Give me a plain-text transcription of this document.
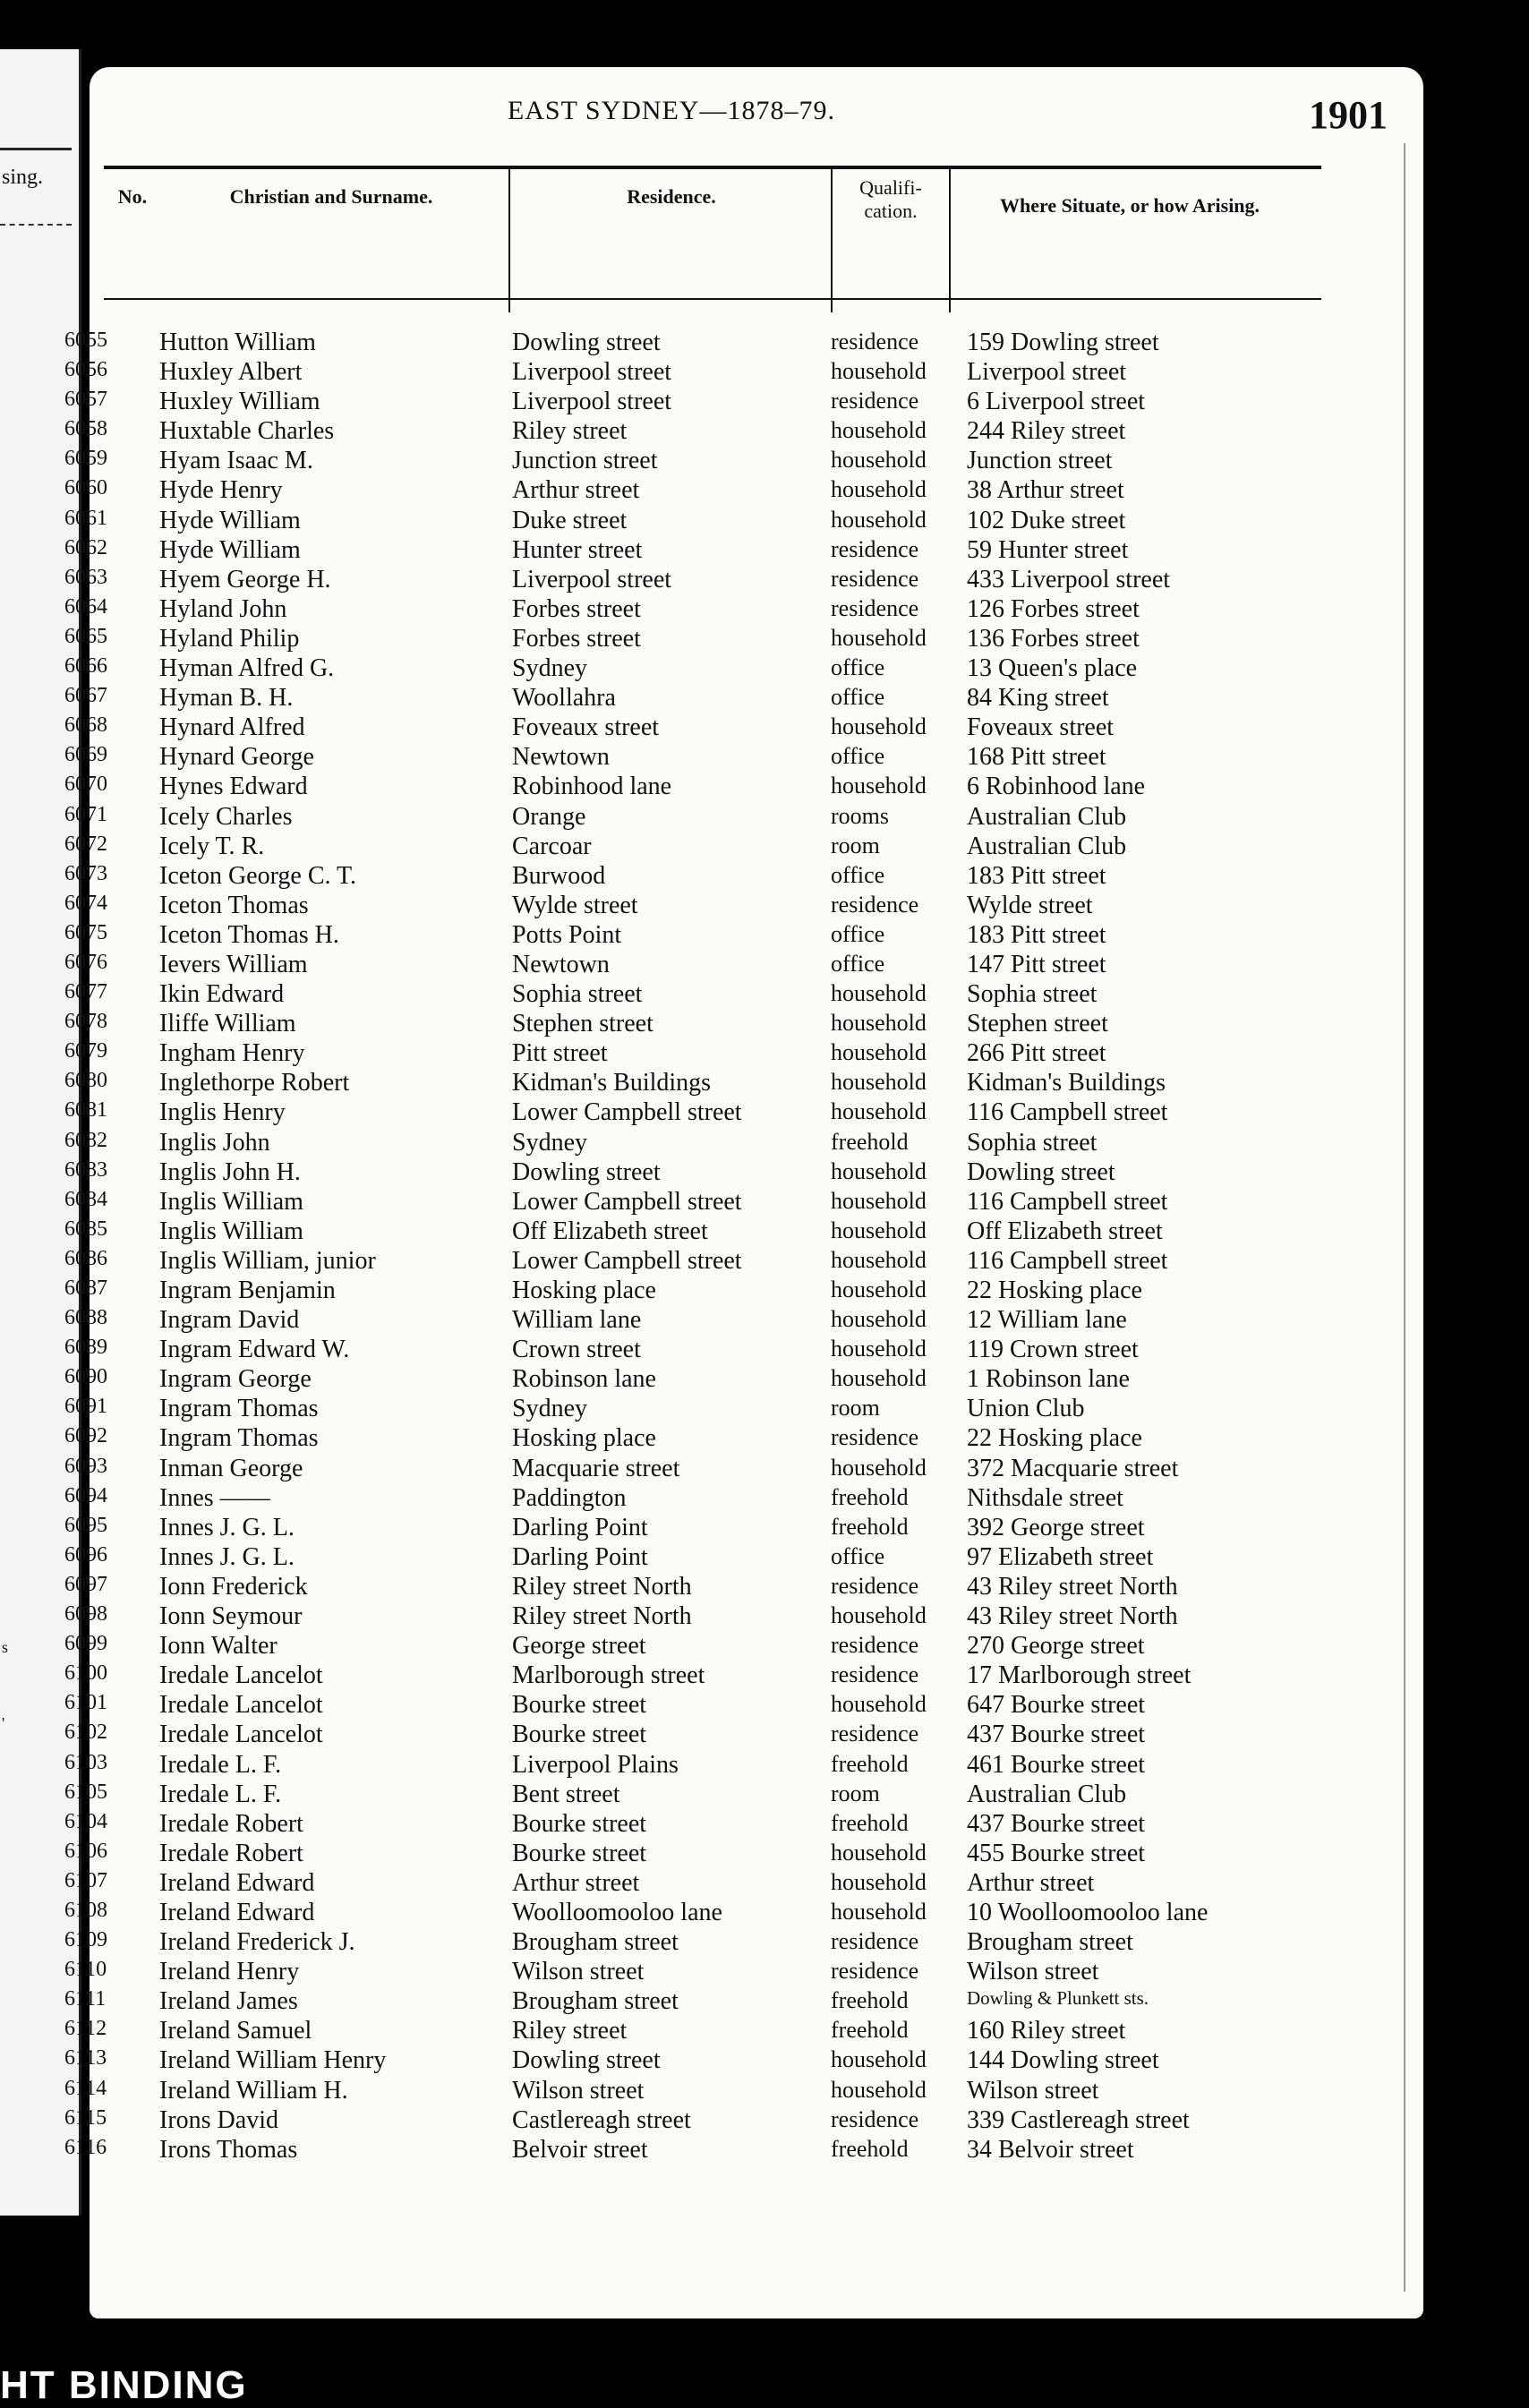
sing.
s
'
EAST SYDNEY—1878–79.	1901
No.	Christian and Surname.	Residence.	Qualifi-
cation.	Where Situate, or how Arising.
6055 Hutton William	Dowling street	residence 159 Dowling street
6056 Huxley Albert	Liverpool street	household Liverpool street
6057 Huxley William	Liverpool street	residence 6 Liverpool street
6058 Huxtable Charles	Riley street	household 244 Riley street
6059 Hyam Isaac M.	Junction street	household Junction street
6060 Hyde Henry	Arthur street	household 38 Arthur street
6061 Hyde William	Duke street	household 102 Duke street
6062 Hyde William	Hunter street	residence 59 Hunter street
6063 Hyem George H.	Liverpool street	residence 433 Liverpool street
6064 Hyland John	Forbes street	residence 126 Forbes street
6065 Hyland Philip	Forbes street	household 136 Forbes street
6066 Hyman Alfred G.	Sydney	office	13 Queen's place
6067 Hyman B. H.	Woollahra	office	84 King street
6068 Hynard Alfred	Foveaux street	household Foveaux street
6069 Hynard George	Newtown	office	168 Pitt street
6070 Hynes Edward	Robinhood lane	household 6 Robinhood lane
6071 Icely Charles	Orange	rooms	Australian Club
6072 Icely T. R.	Carcoar	room	Australian Club
6073 Iceton George C. T.	Burwood	office	183 Pitt street
6074 Iceton Thomas	Wylde street	residence Wylde street
6075 Iceton Thomas H.	Potts Point	office	183 Pitt street
6076 Ievers William	Newtown	office	147 Pitt street
6077 Ikin Edward	Sophia street	household Sophia street
6078 Iliffe William	Stephen street	household Stephen street
6079 Ingham Henry	Pitt street	household 266 Pitt street
6080 Inglethorpe Robert	Kidman's Buildings	household Kidman's Buildings
6081 Inglis Henry	Lower Campbell street	household 116 Campbell street
6082 Inglis John	Sydney	freehold Sophia street
6083 Inglis John H.	Dowling street	household Dowling street
6084 Inglis William	Lower Campbell street	household 116 Campbell street
6085 Inglis William	Off Elizabeth street	household Off Elizabeth street
6086 Inglis William, junior	Lower Campbell street	household 116 Campbell street
6087 Ingram Benjamin	Hosking place	household 22 Hosking place
6088 Ingram David	William lane	household 12 William lane
6089 Ingram Edward W.	Crown street	household 119 Crown street
6090 Ingram George	Robinson lane	household 1 Robinson lane
6091 Ingram Thomas	Sydney	room	Union Club
6092 Ingram Thomas	Hosking place	residence 22 Hosking place
6093 Inman George	Macquarie street	household 372 Macquarie street
6094 Innes ——	Paddington	freehold Nithsdale street
6095 Innes J. G. L.	Darling Point	freehold 392 George street
6096 Innes J. G. L.	Darling Point	office	97 Elizabeth street
6097 Ionn Frederick	Riley street North	residence 43 Riley street North
6098 Ionn Seymour	Riley street North	household 43 Riley street North
6099 Ionn Walter	George street	residence 270 George street
6100 Iredale Lancelot	Marlborough street	residence 17 Marlborough street
6101 Iredale Lancelot	Bourke street	household 647 Bourke street
6102 Iredale Lancelot	Bourke street	residence 437 Bourke street
6103 Iredale L. F.	Liverpool Plains	freehold 461 Bourke street
6105 Iredale L. F.	Bent street	room	Australian Club
6104 Iredale Robert	Bourke street	freehold 437 Bourke street
6106 Iredale Robert	Bourke street	household 455 Bourke street
6107 Ireland Edward	Arthur street	household Arthur street
6108 Ireland Edward	Woolloomooloo lane	household 10 Woolloomooloo lane
6109 Ireland Frederick J.	Brougham street	residence Brougham street
6110 Ireland Henry	Wilson street	residence Wilson street
6111 Ireland James	Brougham street	freehold	Dowling & Plunkett sts.
6112 Ireland Samuel	Riley street	freehold 160 Riley street
6113 Ireland William Henry	Dowling street	household 144 Dowling street
6114 Ireland William H.	Wilson street	household Wilson street
6115 Irons David	Castlereagh street	residence 339 Castlereagh street
6116 Irons Thomas	Belvoir street	freehold 34 Belvoir street
HT BINDING
